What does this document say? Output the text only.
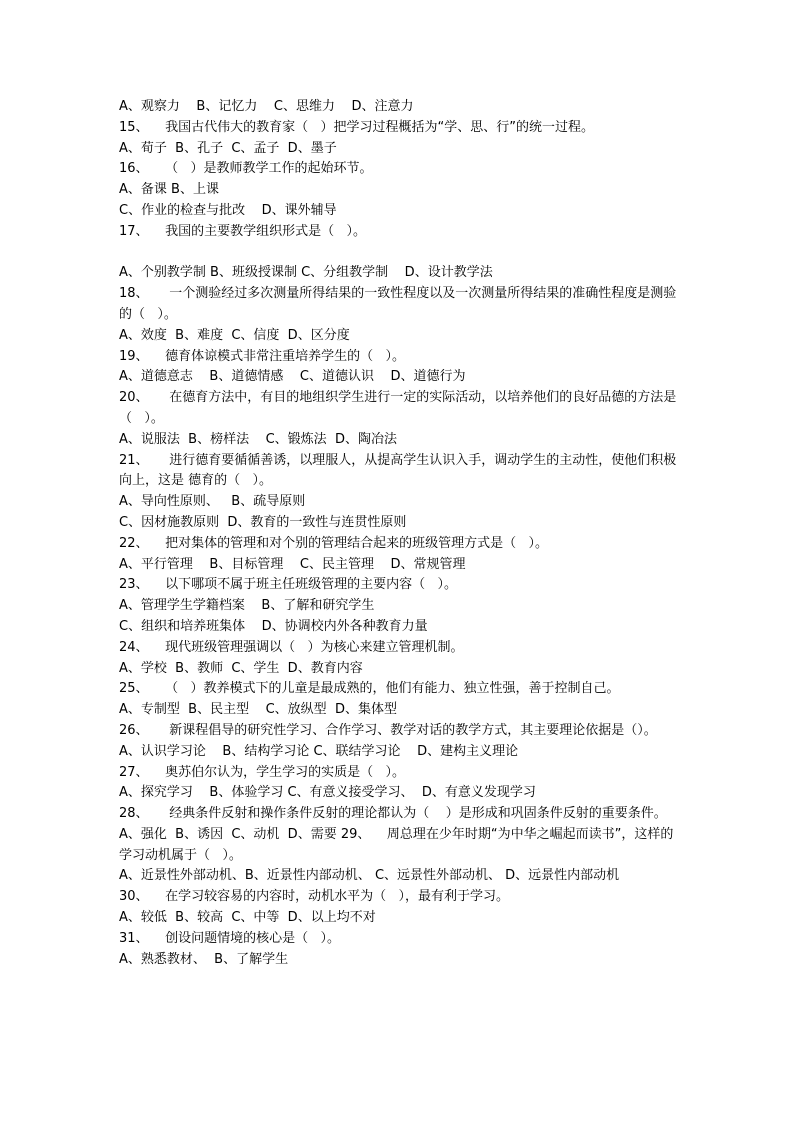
A、观察力    B、记忆力    C、思维力    D、注意力
15、    我国古代伟大的教育家（   ）把学习过程概括为“学、思、行”的统一过程。
A、荀子  B、孔子  C、孟子  D、墨子
16、    （   ）是教师教学工作的起始环节。
A、备课 B、上课
C、作业的检查与批改    D、课外辅导
17、    我国的主要教学组织形式是（   ）。
A、个别教学制 B、班级授课制 C、分组教学制    D、设计教学法
18、     一个测验经过多次测量所得结果的一致性程度以及一次测量所得结果的准确性程度是测验的（   ）。
A、效度  B、难度  C、信度  D、区分度
19、    德育体谅模式非常注重培养学生的（   ）。
A、道德意志    B、道德情感    C、道德认识    D、道德行为
20、     在德育方法中，有目的地组织学生进行一定的实际活动，以培养他们的良好品德的方法是（   ）。
A、说服法  B、榜样法    C、锻炼法  D、陶冶法
21、     进行德育要循循善诱，以理服人，从提高学生认识入手，调动学生的主动性，使他们积极向上，这是 德育的（   ）。
A、导向性原则、   B、疏导原则
C、因材施教原则  D、教育的一致性与连贯性原则
22、    把对集体的管理和对个别的管理结合起来的班级管理方式是（   ）。
A、平行管理    B、目标管理    C、民主管理    D、常规管理
23、    以下哪项不属于班主任班级管理的主要内容（   ）。
A、管理学生学籍档案    B、了解和研究学生
C、组织和培养班集体    D、协调校内外各种教育力量
24、    现代班级管理强调以（   ）为核心来建立管理机制。
A、学校  B、教师  C、学生  D、教育内容
25、    （   ）教养模式下的儿童是最成熟的，他们有能力、独立性强，善于控制自己。
A、专制型  B、民主型    C、放纵型  D、集体型
26、     新课程倡导的研究性学习、合作学习、教学对话的教学方式，其主要理论依据是（）。
A、认识学习论    B、结构学习论 C、联结学习论    D、建构主义理论
27、    奥苏伯尔认为，学生学习的实质是（   ）。
A、探究学习    B、体验学习 C、有意义接受学习、  D、有意义发现学习
28、     经典条件反射和操作条件反射的理论都认为（    ）是形成和巩固条件反射的重要条件。
A、强化  B、诱因  C、动机  D、需要 29、    周总理在少年时期“为中华之崛起而读书”，这样的学习动机属于（   ）。
A、近景性外部动机、B、近景性内部动机、 C、远景性外部动机、 D、远景性内部动机
30、    在学习较容易的内容时，动机水平为（   ），最有利于学习。
A、较低  B、较高  C、中等  D、以上均不对
31、    创设问题情境的核心是（   ）。
A、熟悉教材、  B、了解学生
